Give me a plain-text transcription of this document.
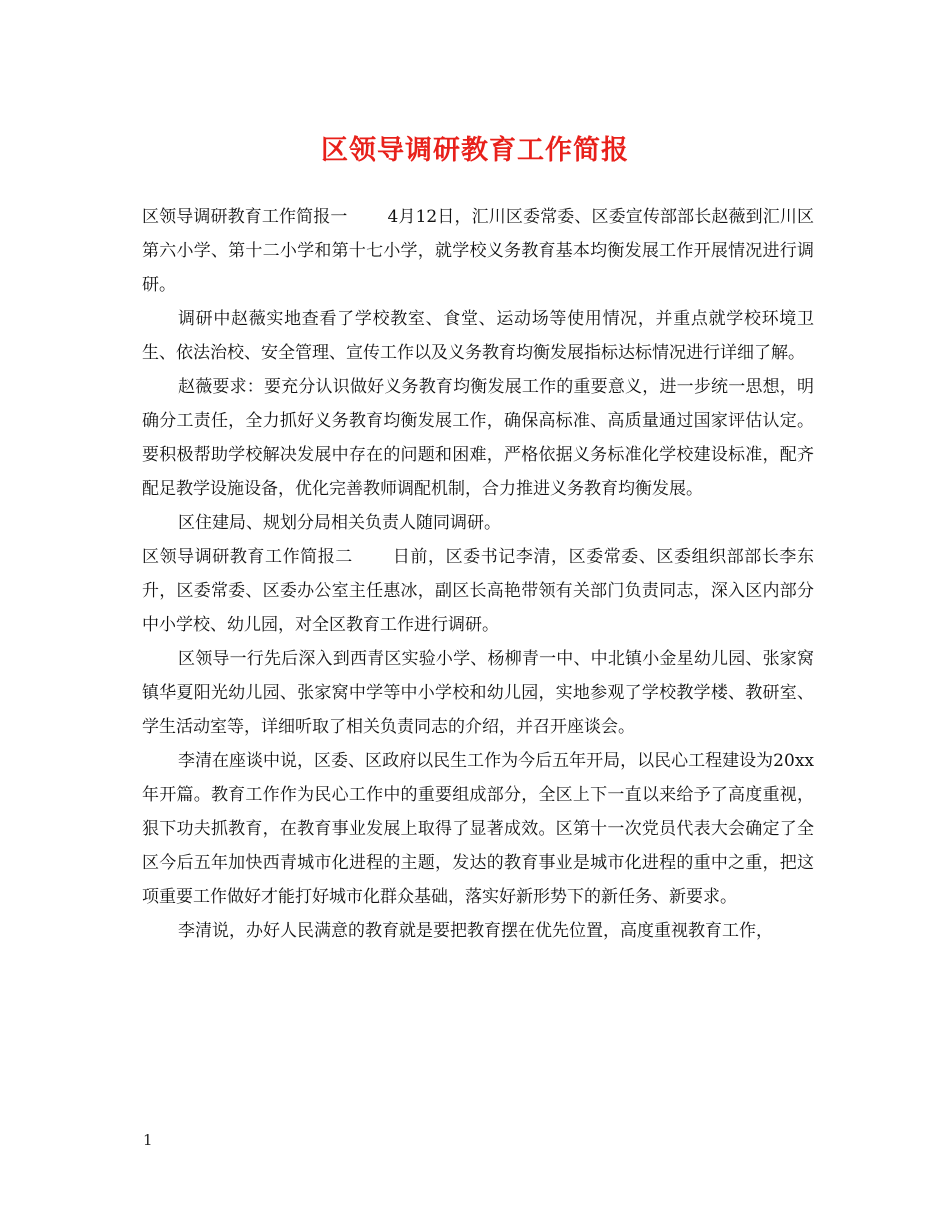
区领导调研教育工作简报

区领导调研教育工作简报一 4月12日，汇川区委常委、区委宣传部部长赵薇到汇川区第六小学、第十二小学和第十七小学，就学校义务教育基本均衡发展工作开展情况进行调研。

调研中赵薇实地查看了学校教室、食堂、运动场等使用情况，并重点就学校环境卫生、依法治校、安全管理、宣传工作以及义务教育均衡发展指标达标情况进行详细了解。

赵薇要求：要充分认识做好义务教育均衡发展工作的重要意义，进一步统一思想，明确分工责任，全力抓好义务教育均衡发展工作，确保高标准、高质量通过国家评估认定。要积极帮助学校解决发展中存在的问题和困难，严格依据义务标准化学校建设标准，配齐配足教学设施设备，优化完善教师调配机制，合力推进义务教育均衡发展。

区住建局、规划分局相关负责人随同调研。

区领导调研教育工作简报二 日前，区委书记李清，区委常委、区委组织部部长李东升，区委常委、区委办公室主任惠冰，副区长高艳带领有关部门负责同志，深入区内部分中小学校、幼儿园，对全区教育工作进行调研。

区领导一行先后深入到西青区实验小学、杨柳青一中、中北镇小金星幼儿园、张家窝镇华夏阳光幼儿园、张家窝中学等中小学校和幼儿园，实地参观了学校教学楼、教研室、学生活动室等，详细听取了相关负责同志的介绍，并召开座谈会。

李清在座谈中说，区委、区政府以民生工作为今后五年开局，以民心工程建设为20xx年开篇。教育工作作为民心工作中的重要组成部分，全区上下一直以来给予了高度重视，狠下功夫抓教育，在教育事业发展上取得了显著成效。区第十一次党员代表大会确定了全区今后五年加快西青城市化进程的主题，发达的教育事业是城市化进程的重中之重，把这项重要工作做好才能打好城市化群众基础，落实好新形势下的新任务、新要求。

李清说，办好人民满意的教育就是要把教育摆在优先位置，高度重视教育工作，

1
